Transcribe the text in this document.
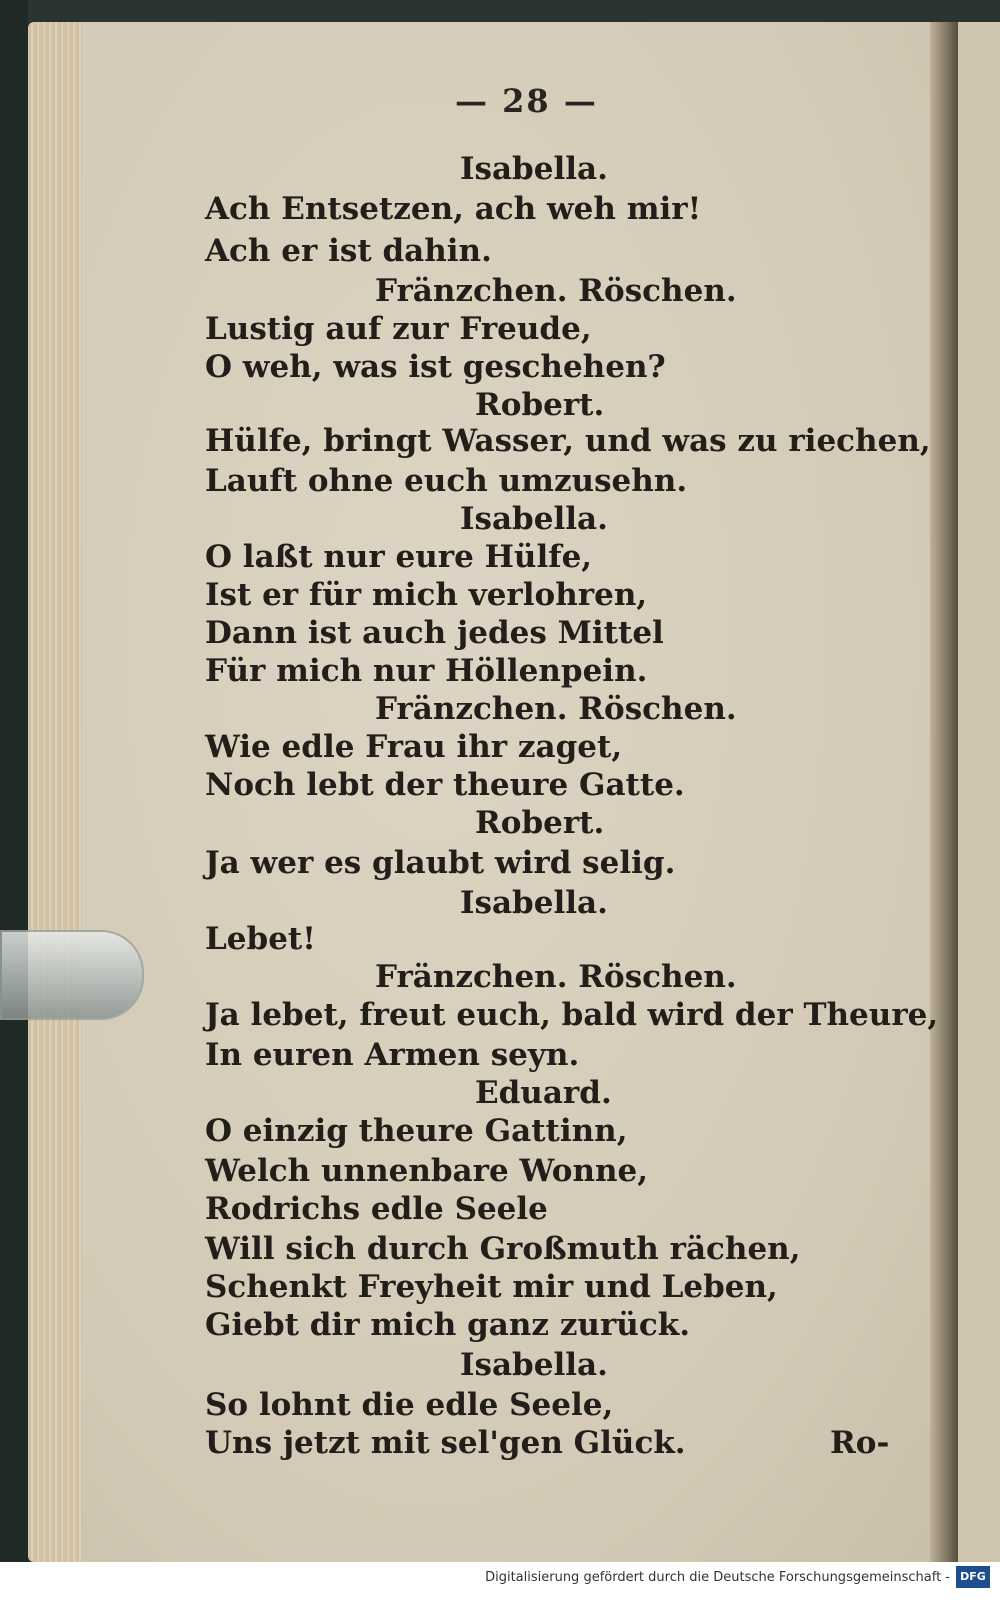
— 28 —
Isabella.
Ach Entsetzen, ach weh mir!
Ach er ist dahin.
Fränzchen. Röschen.
Lustig auf zur Freude,
O weh, was ist geschehen?
Robert.
Hülfe, bringt Wasser, und was zu riechen,
Lauft ohne euch umzusehn.
Isabella.
O laßt nur eure Hülfe,
Ist er für mich verlohren,
Dann ist auch jedes Mittel
Für mich nur Höllenpein.
Fränzchen. Röschen.
Wie edle Frau ihr zaget,
Noch lebt der theure Gatte.
Robert.
Ja wer es glaubt wird selig.
Isabella.
Lebet!
Fränzchen. Röschen.
Ja lebet, freut euch, bald wird der Theure,
In euren Armen seyn.
Eduard.
O einzig theure Gattinn,
Welch unnenbare Wonne,
Rodrichs edle Seele
Will sich durch Großmuth rächen,
Schenkt Freyheit mir und Leben,
Giebt dir mich ganz zurück.
Isabella.
So lohnt die edle Seele,
Uns jetzt mit sel'gen Glück.	Ro-
Digitalisierung gefördert durch die Deutsche Forschungsgemeinschaft - DFG
